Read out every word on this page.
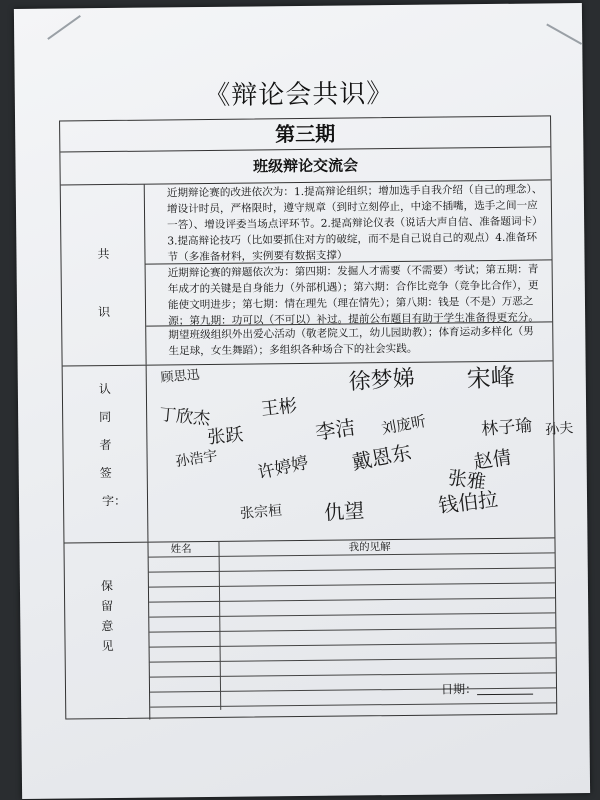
《辩论会共识》
第三期
班级辩论交流会
共
识
近期辩论赛的改进依次为：1.提高辩论组织；增加选手自我介绍（自己的理念）、增设计时员，严格限时，遵守规章（到时立刻停止，中途不插嘴，选手之间一应一答）、增设评委当场点评环节。2.提高辩论仪表（说话大声自信、准备题词卡）3.提高辩论技巧（比如要抓住对方的破绽，而不是自己说自己的观点）4.准备环节（多准备材料，实例要有数据支撑）
近期辩论赛的辩题依次为：第四期：发掘人才需要（不需要）考试；第五期：青年成才的关键是自身能力（外部机遇）；第六期：合作比竞争（竞争比合作），更能使文明进步；第七期：情在理先（理在情先）；第八期：钱是（不是）万恶之源；第九期：功可以（不可以）补过。提前公布题目有助于学生准备得更充分。
期望班级组织外出爱心活动（敬老院义工，幼儿园助教）；体育运动多样化（男生足球，女生舞蹈）；多组织各种场合下的社会实践。
认
同
者
签
字：
顾思迅
王彬
徐梦娣 宋峰
丁欣杰
张跃	李洁 刘庞昕	林子瑜 孙夫
孙浩宇 许婷婷 戴恩东	赵倩
张雅
张宗桓 仇望	钱伯拉
保
留
意
见
姓名	我的见解
日期：
